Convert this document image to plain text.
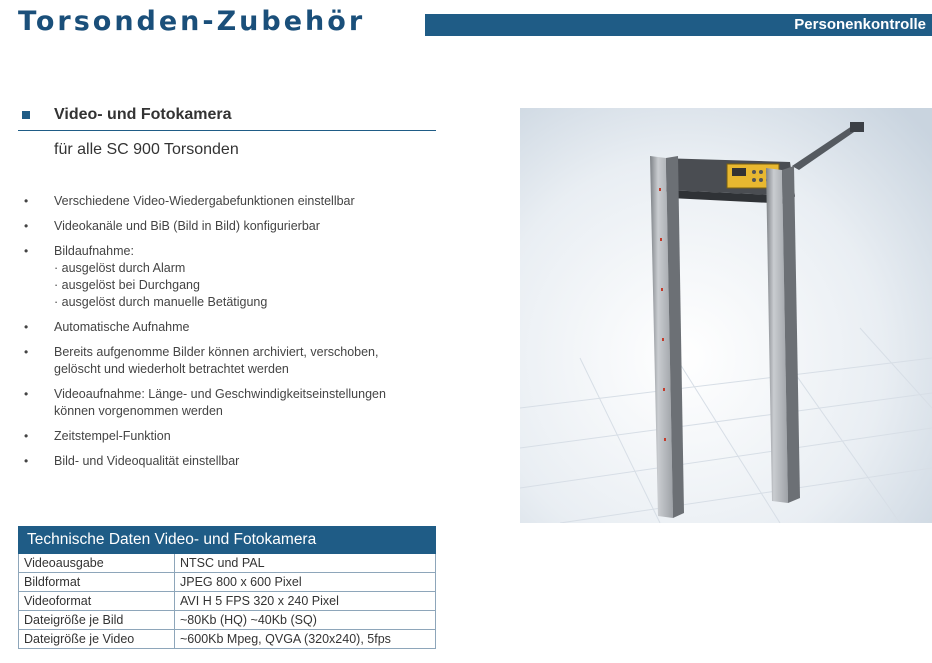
Torsonden-Zubehör	Personenkontrolle
Video- und Fotokamera
für alle SC 900 Torsonden
• Verschiedene Video-Wiedergabefunktionen einstellbar
• Videokanäle und BiB (Bild in Bild) konfigurierbar
• Bildaufnahme:
· ausgelöst durch Alarm
· ausgelöst bei Durchgang
· ausgelöst durch manuelle Betätigung
• Automatische Aufnahme
• Bereits aufgenomme Bilder können archiviert, verschoben,
gelöscht und wiederholt betrachtet werden
• Videoaufnahme: Länge- und Geschwindigkeitseinstellungen
können vorgenommen werden
• Zeitstempel-Funktion
• Bild- und Videoqualität einstellbar
Technische Daten Video- und Fotokamera	
Videoausgabe	NTSC und PAL
Bildformat	JPEG 800 x 600 Pixel
Videoformat	AVI H 5 FPS 320 x 240 Pixel
Dateigröße je Bild	~80Kb (HQ) ~40Kb (SQ)
Dateigröße je Video	~600Kb Mpeg, QVGA (320x240), 5fps
